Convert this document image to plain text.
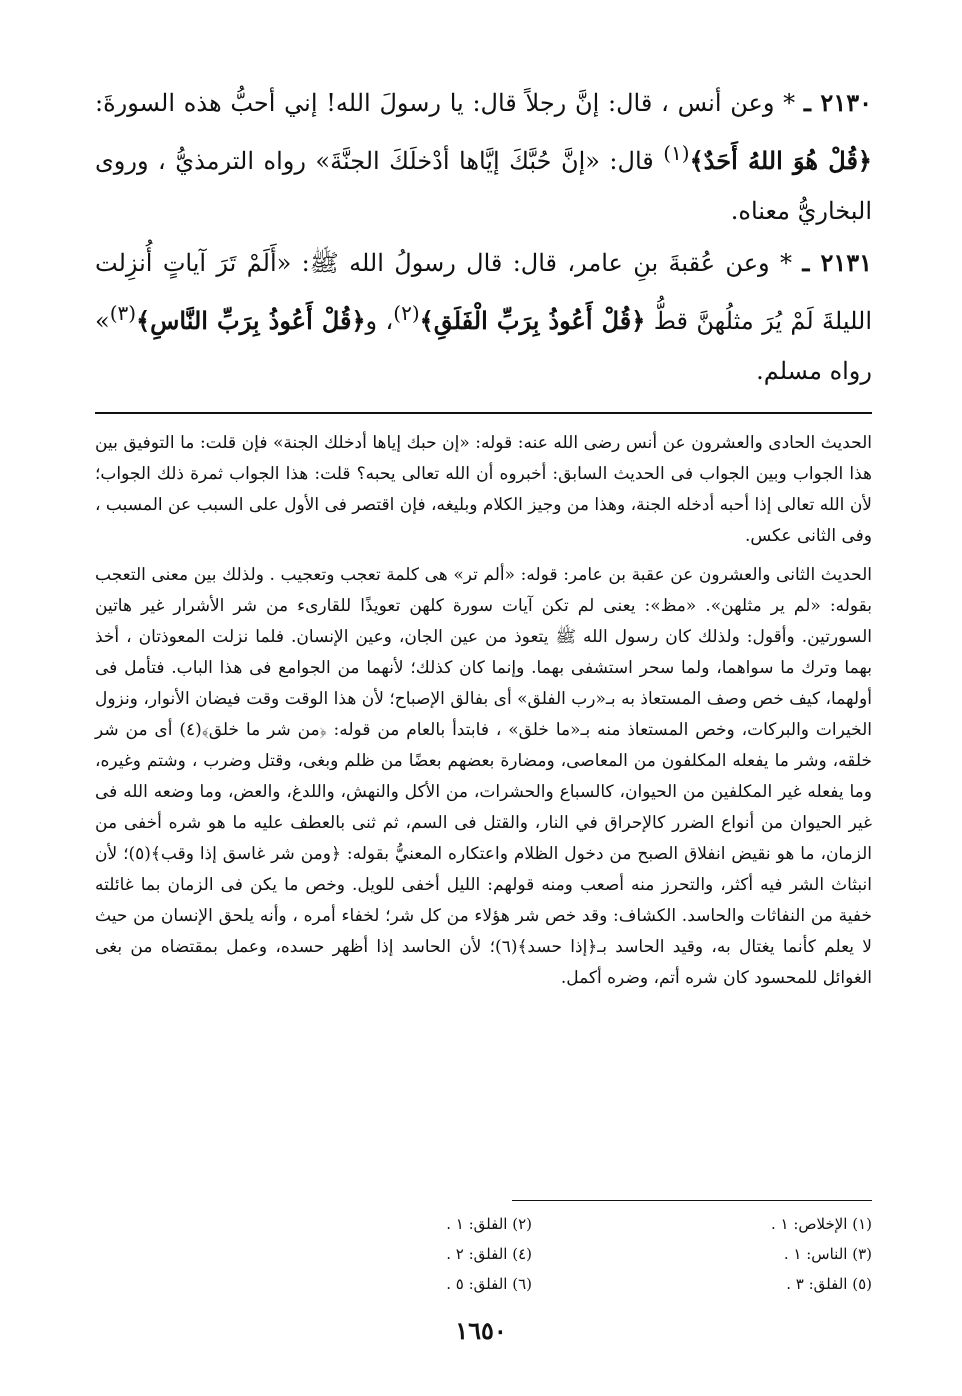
٢١٣٠ ـ * وعن أنس ، قال: إنَّ رجلاً قال: يا رسولَ الله! إني أحبُّ هذه السورةَ: ﴿قُلْ هُوَ اللهُ أَحَدٌ﴾$^{(١)}$ قال: «إنَّ حُبَّكَ إيَّاها أدْخلَكَ الجنَّةَ» رواه الترمذيُّ ، وروى البخاريُّ معناه.

٢١٣١ ـ * وعن عُقبةَ بنِ عامر، قال: قال رسولُ الله ﷺ: «أَلَمْ تَرَ آياتٍ أُنزِلت الليلةَ لَمْ يُرَ مثلُهنَّ قطُّ ﴿قُلْ أَعُوذُ بِرَبِّ الْفَلَقِ﴾$^{(٢)}$، و﴿قُلْ أَعُوذُ بِرَبِّ النَّاسِ﴾$^{(٣)}$» رواه مسلم.

الحديث الحادى والعشرون عن أنس رضى الله عنه: قوله: «إن حبك إياها أدخلك الجنة» فإن قلت: ما التوفيق بين هذا الجواب وبين الجواب فى الحديث السابق: أخبروه أن الله تعالى يحبه؟ قلت: هذا الجواب ثمرة ذلك الجواب؛ لأن الله تعالى إذا أحبه أدخله الجنة، وهذا من وجيز الكلام وبليغه، فإن اقتصر فى الأول على السبب عن المسبب ، وفى الثانى عكس.

الحديث الثانى والعشرون عن عقبة بن عامر: قوله: «ألم تر» هى كلمة تعجب وتعجيب . ولذلك بين معنى التعجب بقوله: «لم ير مثلهن». «مظ»: يعنى لم تكن آيات سورة كلهن تعويذًا للقارىء من شر الأشرار غير هاتين السورتين. وأقول: ولذلك كان رسول الله ﷺ يتعوذ من عين الجان، وعين الإنسان. فلما نزلت المعوذتان ، أخذ بهما وترك ما سواهما، ولما سحر استشفى بهما. وإنما كان كذلك؛ لأنهما من الجوامع فى هذا الباب. فتأمل فى أولهما، كيف خص وصف المستعاذ به بـ«رب الفلق» أى بفالق الإصباح؛ لأن هذا الوقت وقت فيضان الأنوار، ونزول الخيرات والبركات، وخص المستعاذ منه بـ«ما خلق» ، فابتدأ بالعام من قوله: ﴿من شر ما خلق﴾(٤) أى من شر خلقه، وشر ما يفعله المكلفون من المعاصى، ومضارة بعضهم بعضًا من ظلم وبغى، وقتل وضرب ، وشتم وغيره، وما يفعله غير المكلفين من الحيوان، كالسباع والحشرات، من الأكل والنهش، واللدغ، والعض، وما وضعه الله فى غير الحيوان من أنواع الضرر كالإحراق في النار، والقتل فى السم، ثم ثنى بالعطف عليه ما هو شره أخفى من الزمان، ما هو نقيض انفلاق الصبح من دخول الظلام واعتكاره المعنيُّ بقوله: ﴿ومن شر غاسق إذا وقب﴾(٥)؛ لأن انبثاث الشر فيه أكثر، والتحرز منه أصعب ومنه قولهم: الليل أخفى للويل. وخص ما يكن فى الزمان بما غائلته خفية من النفاثات والحاسد. الكشاف: وقد خص شر هؤلاء من كل شر؛ لخفاء أمره ، وأنه يلحق الإنسان من حيث لا يعلم كأنما يغتال به، وقيد الحاسد بـ﴿إذا حسد﴾(٦)؛ لأن الحاسد إذا أظهر حسده، وعمل بمقتضاه من بغى الغوائل للمحسود كان شره أتم، وضره أكمل.

(١) الإخلاص: ١ .
(٢) الفلق: ١ .
(٣) الناس: ١ .
(٤) الفلق: ٢ .
(٥) الفلق: ٣ .
(٦) الفلق: ٥ .
١٦٥٠
